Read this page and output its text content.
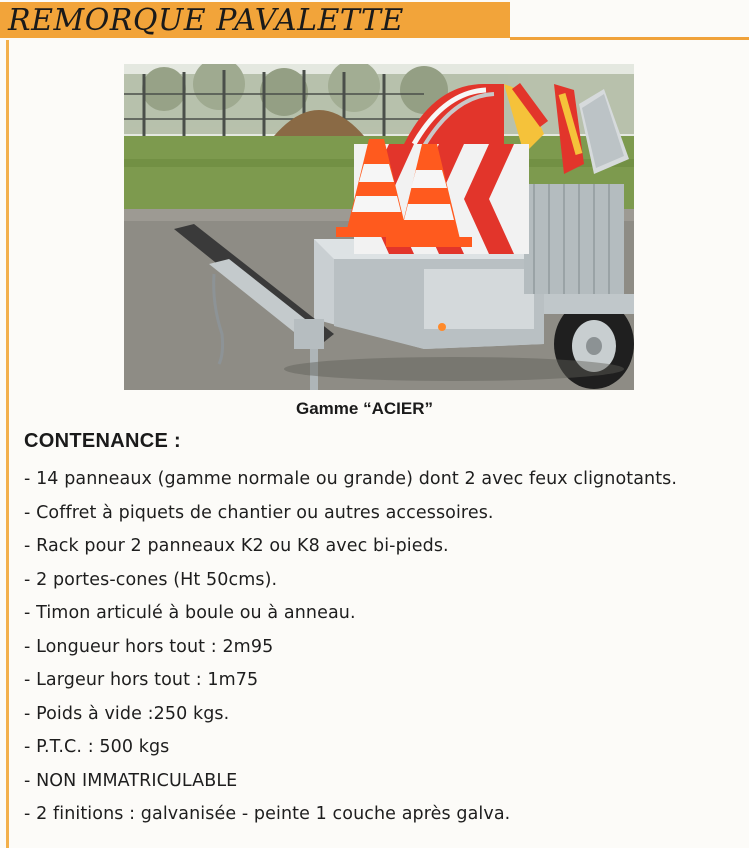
REMORQUE PAVALETTE
Gamme “ACIER”
CONTENANCE :
- 14 panneaux (gamme normale ou grande) dont 2 avec feux clignotants.
- Coffret à piquets de chantier ou autres accessoires.
- Rack pour 2 panneaux K2 ou K8 avec bi-pieds.
- 2 portes-cones (Ht 50cms).
- Timon articulé à boule ou à anneau.
- Longueur hors tout : 2m95
- Largeur hors tout : 1m75
- Poids à vide :250 kgs.
- P.T.C. : 500 kgs
- NON IMMATRICULABLE
- 2 finitions : galvanisée - peinte 1 couche après galva.
